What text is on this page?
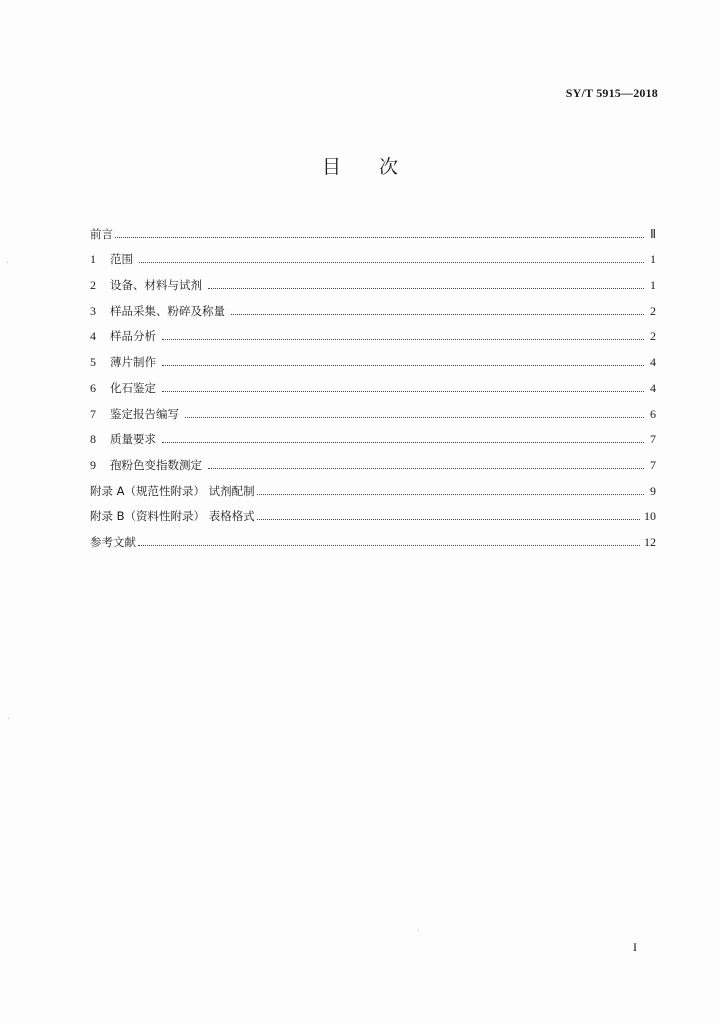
SY/T 5915—2018
目 次
前言	Ⅱ
1	范围	1
2	设备、材料与试剂	1
3	样品采集、粉碎及称量	2
4	样品分析	2
5	薄片制作	4
6	化石鉴定	4
7	鉴定报告编写	6
8	质量要求	7
9	孢粉色变指数测定	7
附录 A（规范性附录） 试剂配制	9
附录 B（资料性附录） 表格格式	10
参考文献	12
I
